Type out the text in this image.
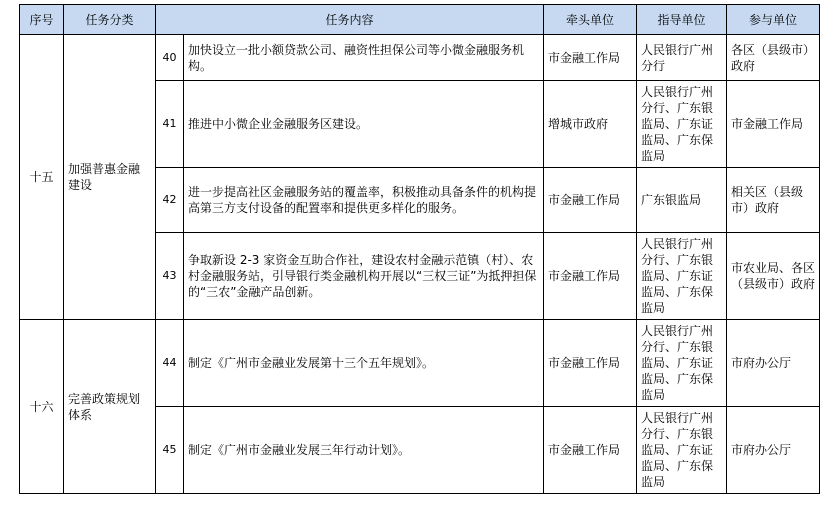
序号	任务分类	任务内容		牵头单位	指导单位	参与单位
十五	加强普惠金融建设	40	加快设立一批小额贷款公司、融资性担保公司等小微金融服务机构。	市金融工作局	人民银行广州分行	各区（县级市）政府
		41	推进中小微企业金融服务区建设。	增城市政府	人民银行广州分行、广东银监局、广东证监局、广东保监局	市金融工作局
		42	进一步提高社区金融服务站的覆盖率，积极推动具备条件的机构提高第三方支付设备的配置率和提供更多样化的服务。	市金融工作局	广东银监局	相关区（县级市）政府
		43	争取新设 2-3 家资金互助合作社，建设农村金融示范镇（村）、农村金融服务站，引导银行类金融机构开展以“三权三证”为抵押担保的“三农”金融产品创新。	市金融工作局	人民银行广州分行、广东银监局、广东证监局、广东保监局	市农业局、各区（县级市）政府
十六	完善政策规划体系	44	制定《广州市金融业发展第十三个五年规划》。	市金融工作局	人民银行广州分行、广东银监局、广东证监局、广东保监局	市府办公厅
		45	制定《广州市金融业发展三年行动计划》。	市金融工作局	人民银行广州分行、广东银监局、广东证监局、广东保监局	市府办公厅
